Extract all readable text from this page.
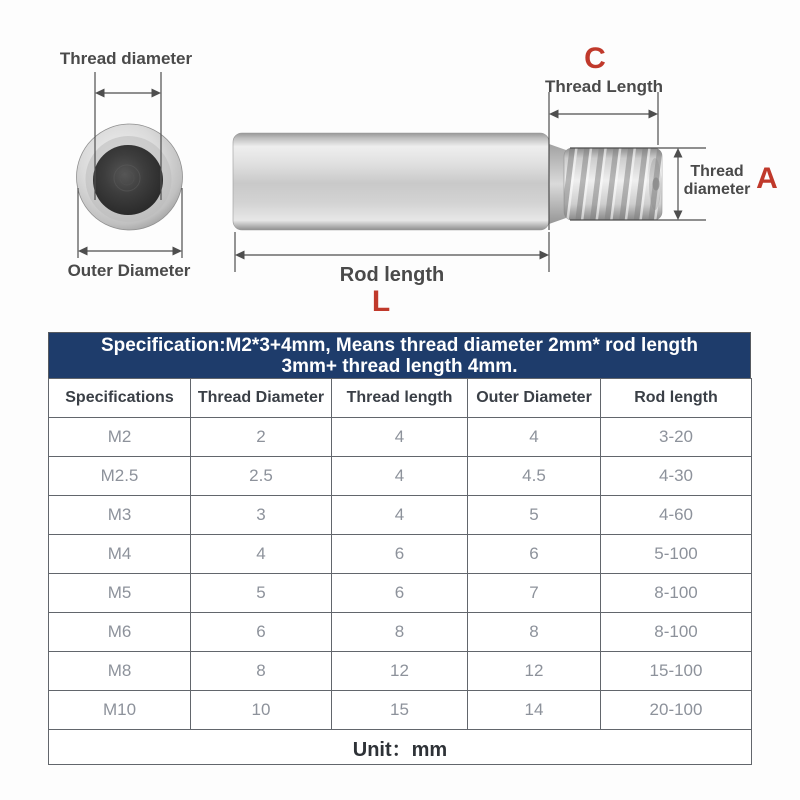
Thread diameter
Outer Diameter
C
Thread Length
Thread
diameter A
Rod length
L
Specification:M2*3+4mm, Means thread diameter 2mm* rod length
3mm+ thread length 4mm.
Specifications	Thread Diameter	Thread length	Outer Diameter	Rod length
M2	2	4	4	3-20
M2.5	2.5	4	4.5	4-30
M3	3	4	5	4-60
M4	4	6	6	5-100
M5	5	6	7	8-100
M6	6	8	8	8-100
M8	8	12	12	15-100
M10	10	15	14	20-100
Unit：mm				
